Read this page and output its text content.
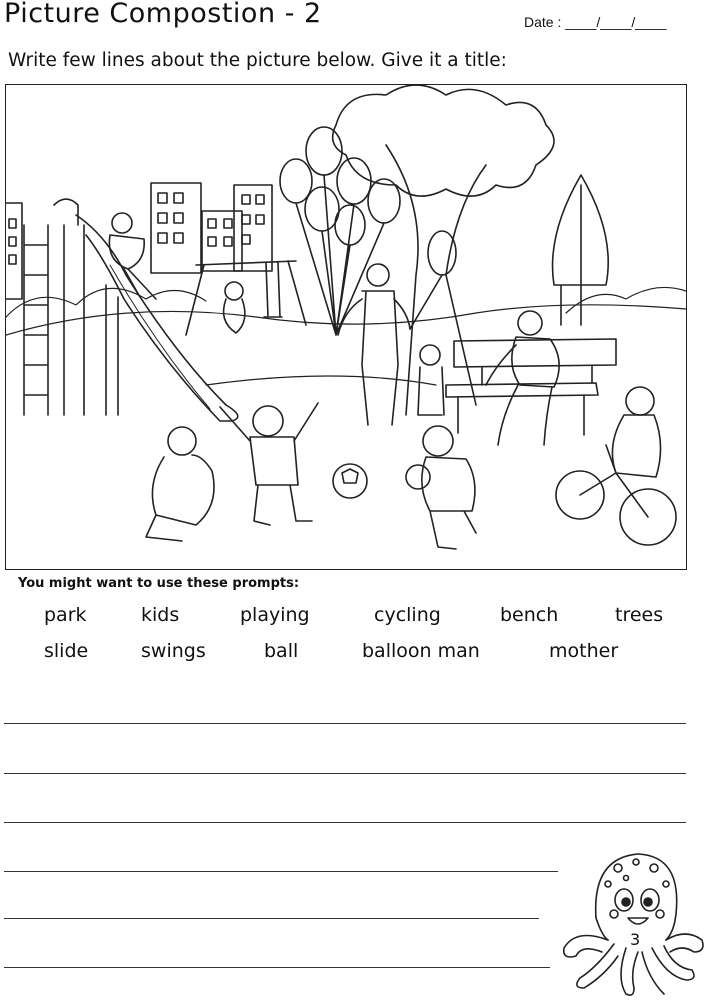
Picture Compostion - 2	Date : ____/____/____
Write few lines about the picture below. Give it a title:
You might want to use these prompts:
park	kids	playing	cycling	bench	trees
slide	swings	ball	balloon man	mother
3
